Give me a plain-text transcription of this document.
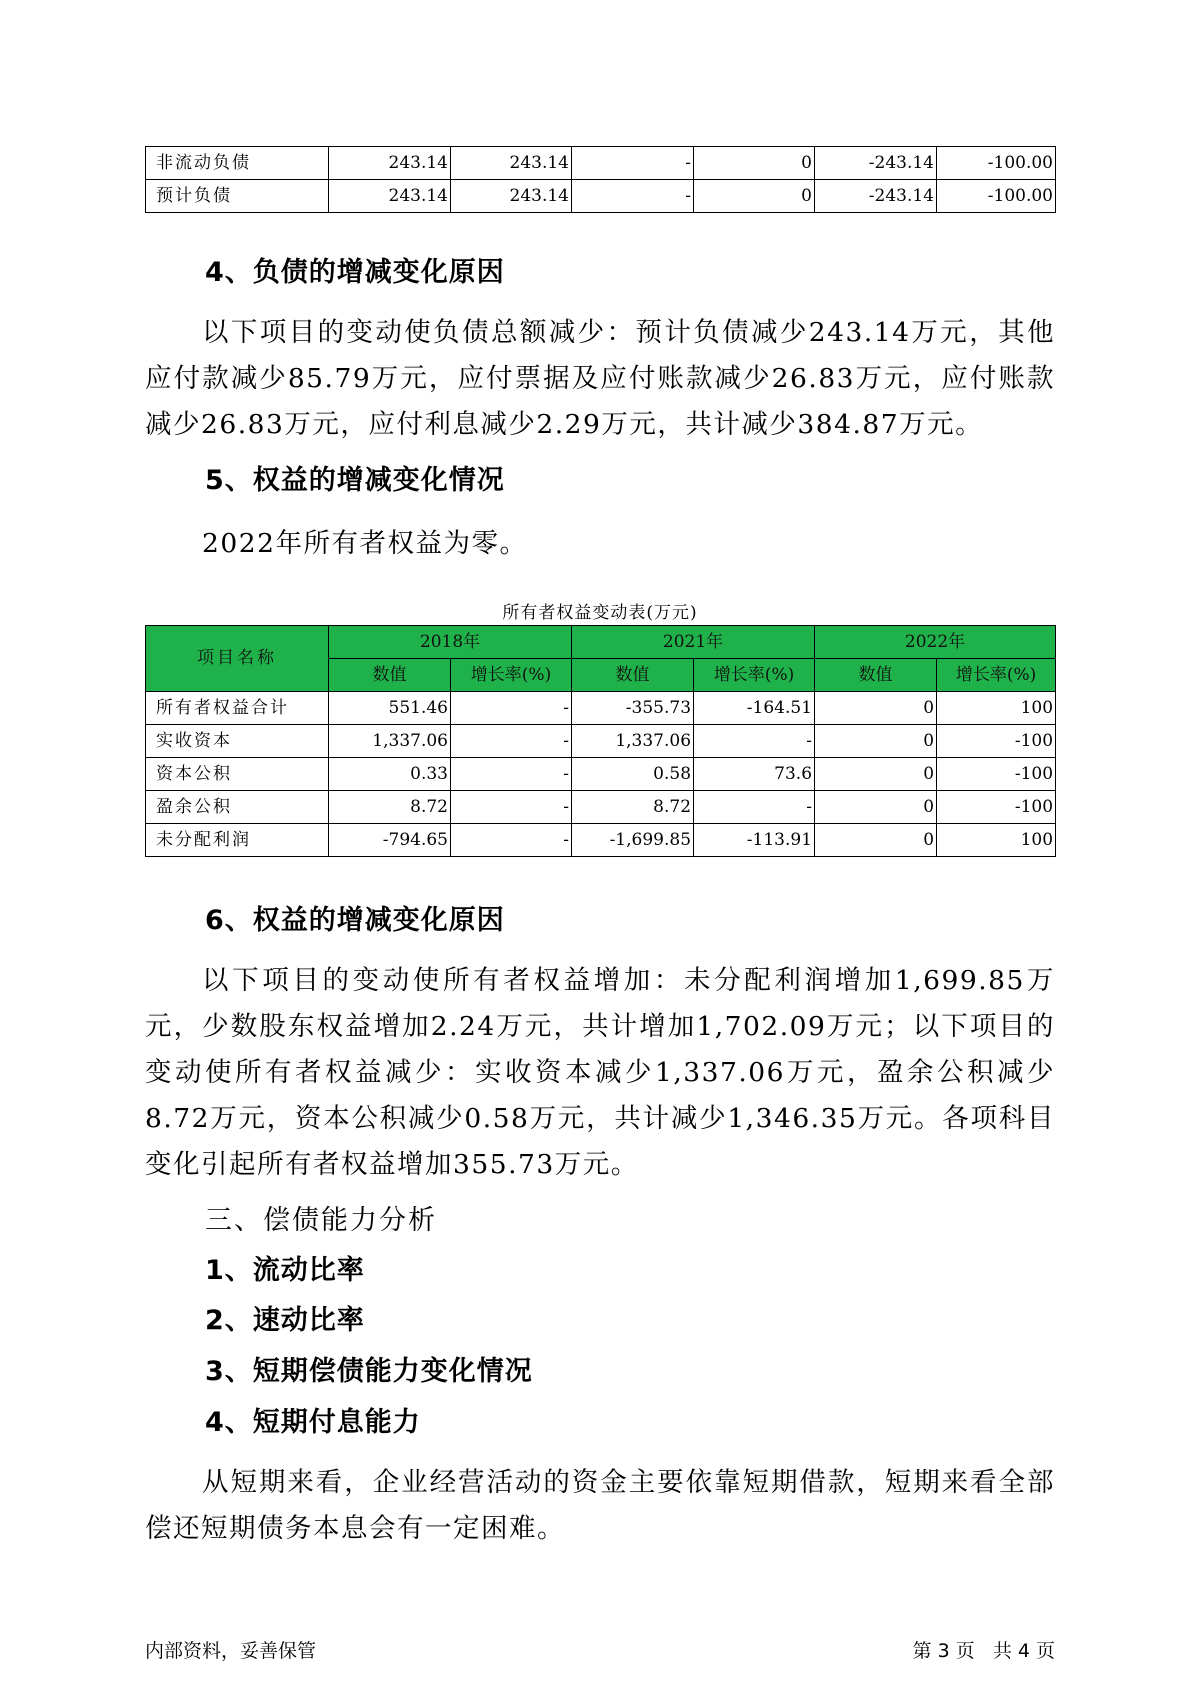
非流动负债	243.14	243.14	-	0	-243.14	-100.00
预计负债	243.14	243.14	-	0	-243.14	-100.00
4、负债的增减变化原因
以下项目的变动使负债总额减少：预计负债减少243.14万元，其他应付款减少85.79万元，应付票据及应付账款减少26.83万元，应付账款减少26.83万元，应付利息减少2.29万元，共计减少384.87万元。
5、权益的增减变化情况
2022年所有者权益为零。
所有者权益变动表(万元)
项目名称	2018年		2021年		2022年	
	数值	增长率(%)	数值	增长率(%)	数值	增长率(%)
所有者权益合计	551.46	-	-355.73	-164.51	0	100
实收资本	1,337.06	-	1,337.06	-	0	-100
资本公积	0.33	-	0.58	73.6	0	-100
盈余公积	8.72	-	8.72	-	0	-100
未分配利润	-794.65	-	-1,699.85	-113.91	0	100
6、权益的增减变化原因
以下项目的变动使所有者权益增加：未分配利润增加1,699.85万元，少数股东权益增加2.24万元，共计增加1,702.09万元；以下项目的变动使所有者权益减少：实收资本减少1,337.06万元，盈余公积减少8.72万元，资本公积减少0.58万元，共计减少1,346.35万元。各项科目变化引起所有者权益增加355.73万元。
三、偿债能力分析
1、流动比率
2、速动比率
3、短期偿债能力变化情况
4、短期付息能力
从短期来看，企业经营活动的资金主要依靠短期借款，短期来看全部偿还短期债务本息会有一定困难。
内部资料，妥善保管	第 3 页   共 4 页
